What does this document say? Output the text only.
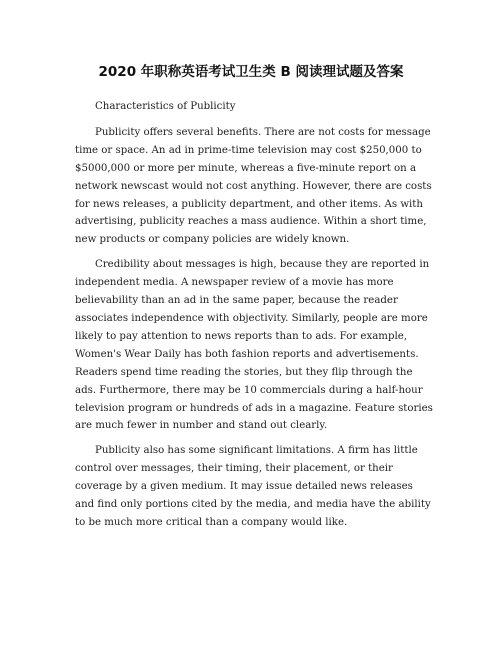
2020 年职称英语考试卫生类 B 阅读理试题及答案

Characteristics of Publicity

Publicity offers several benefits. There are not costs for message time or space. An ad in prime-time television may cost $250,000 to $5000,000 or more per minute, whereas a five-minute report on a network newscast would not cost anything. However, there are costs for news releases, a publicity department, and other items. As with advertising, publicity reaches a mass audience. Within a short time, new products or company policies are widely known.

Credibility about messages is high, because they are reported in independent media. A newspaper review of a movie has more believability than an ad in the same paper, because the reader associates independence with objectivity. Similarly, people are more likely to pay attention to news reports than to ads. For example, Women's Wear Daily has both fashion reports and advertisements. Readers spend time reading the stories, but they flip through the ads. Furthermore, there may be 10 commercials during a half-hour television program or hundreds of ads in a magazine. Feature stories are much fewer in number and stand out clearly.

Publicity also has some significant limitations. A firm has little control over messages, their timing, their placement, or their coverage by a given medium. It may issue detailed news releases and find only portions cited by the media, and media have the ability to be much more critical than a company would like.
